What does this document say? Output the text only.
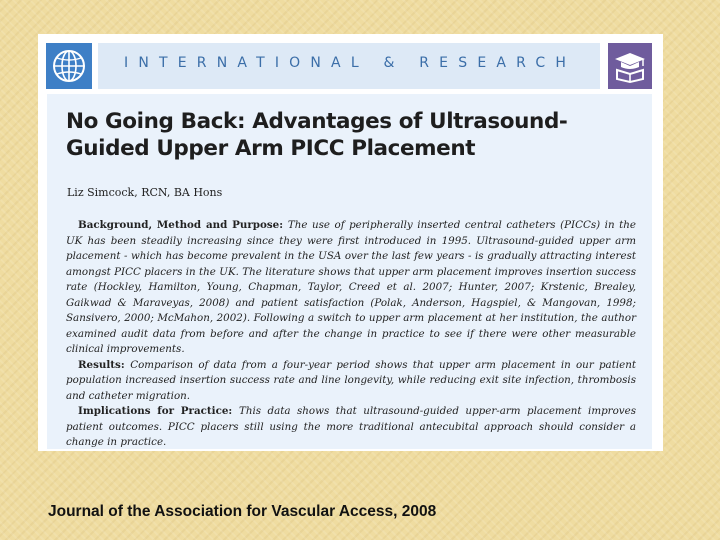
INTERNATIONAL & RESEARCH
No Going Back: Advantages of Ultrasound-Guided Upper Arm PICC Placement
Liz Simcock, RCN, BA Hons

Background, Method and Purpose: The use of peripherally inserted central catheters (PICCs) in the UK has been steadily increasing since they were first introduced in 1995. Ultrasound-guided upper arm placement - which has become prevalent in the USA over the last few years - is gradually attracting interest amongst PICC placers in the UK. The literature shows that upper arm placement improves insertion success rate (Hockley, Hamilton, Young, Chapman, Taylor, Creed et al. 2007; Hunter, 2007; Krstenic, Brealey, Gaikwad & Maraveyas, 2008) and patient satisfaction (Polak, Anderson, Hagspiel, & Mangovan, 1998; Sansivero, 2000; McMahon, 2002). Following a switch to upper arm placement at her institution, the author examined audit data from before and after the change in practice to see if there were other measurable clinical improvements.

Results: Comparison of data from a four-year period shows that upper arm placement in our patient population increased insertion success rate and line longevity, while reducing exit site infection, thrombosis and catheter migration.

Implications for Practice: This data shows that ultrasound-guided upper-arm placement improves patient outcomes. PICC placers still using the more traditional antecubital approach should consider a change in practice.

Journal of the Association for Vascular Access, 2008
